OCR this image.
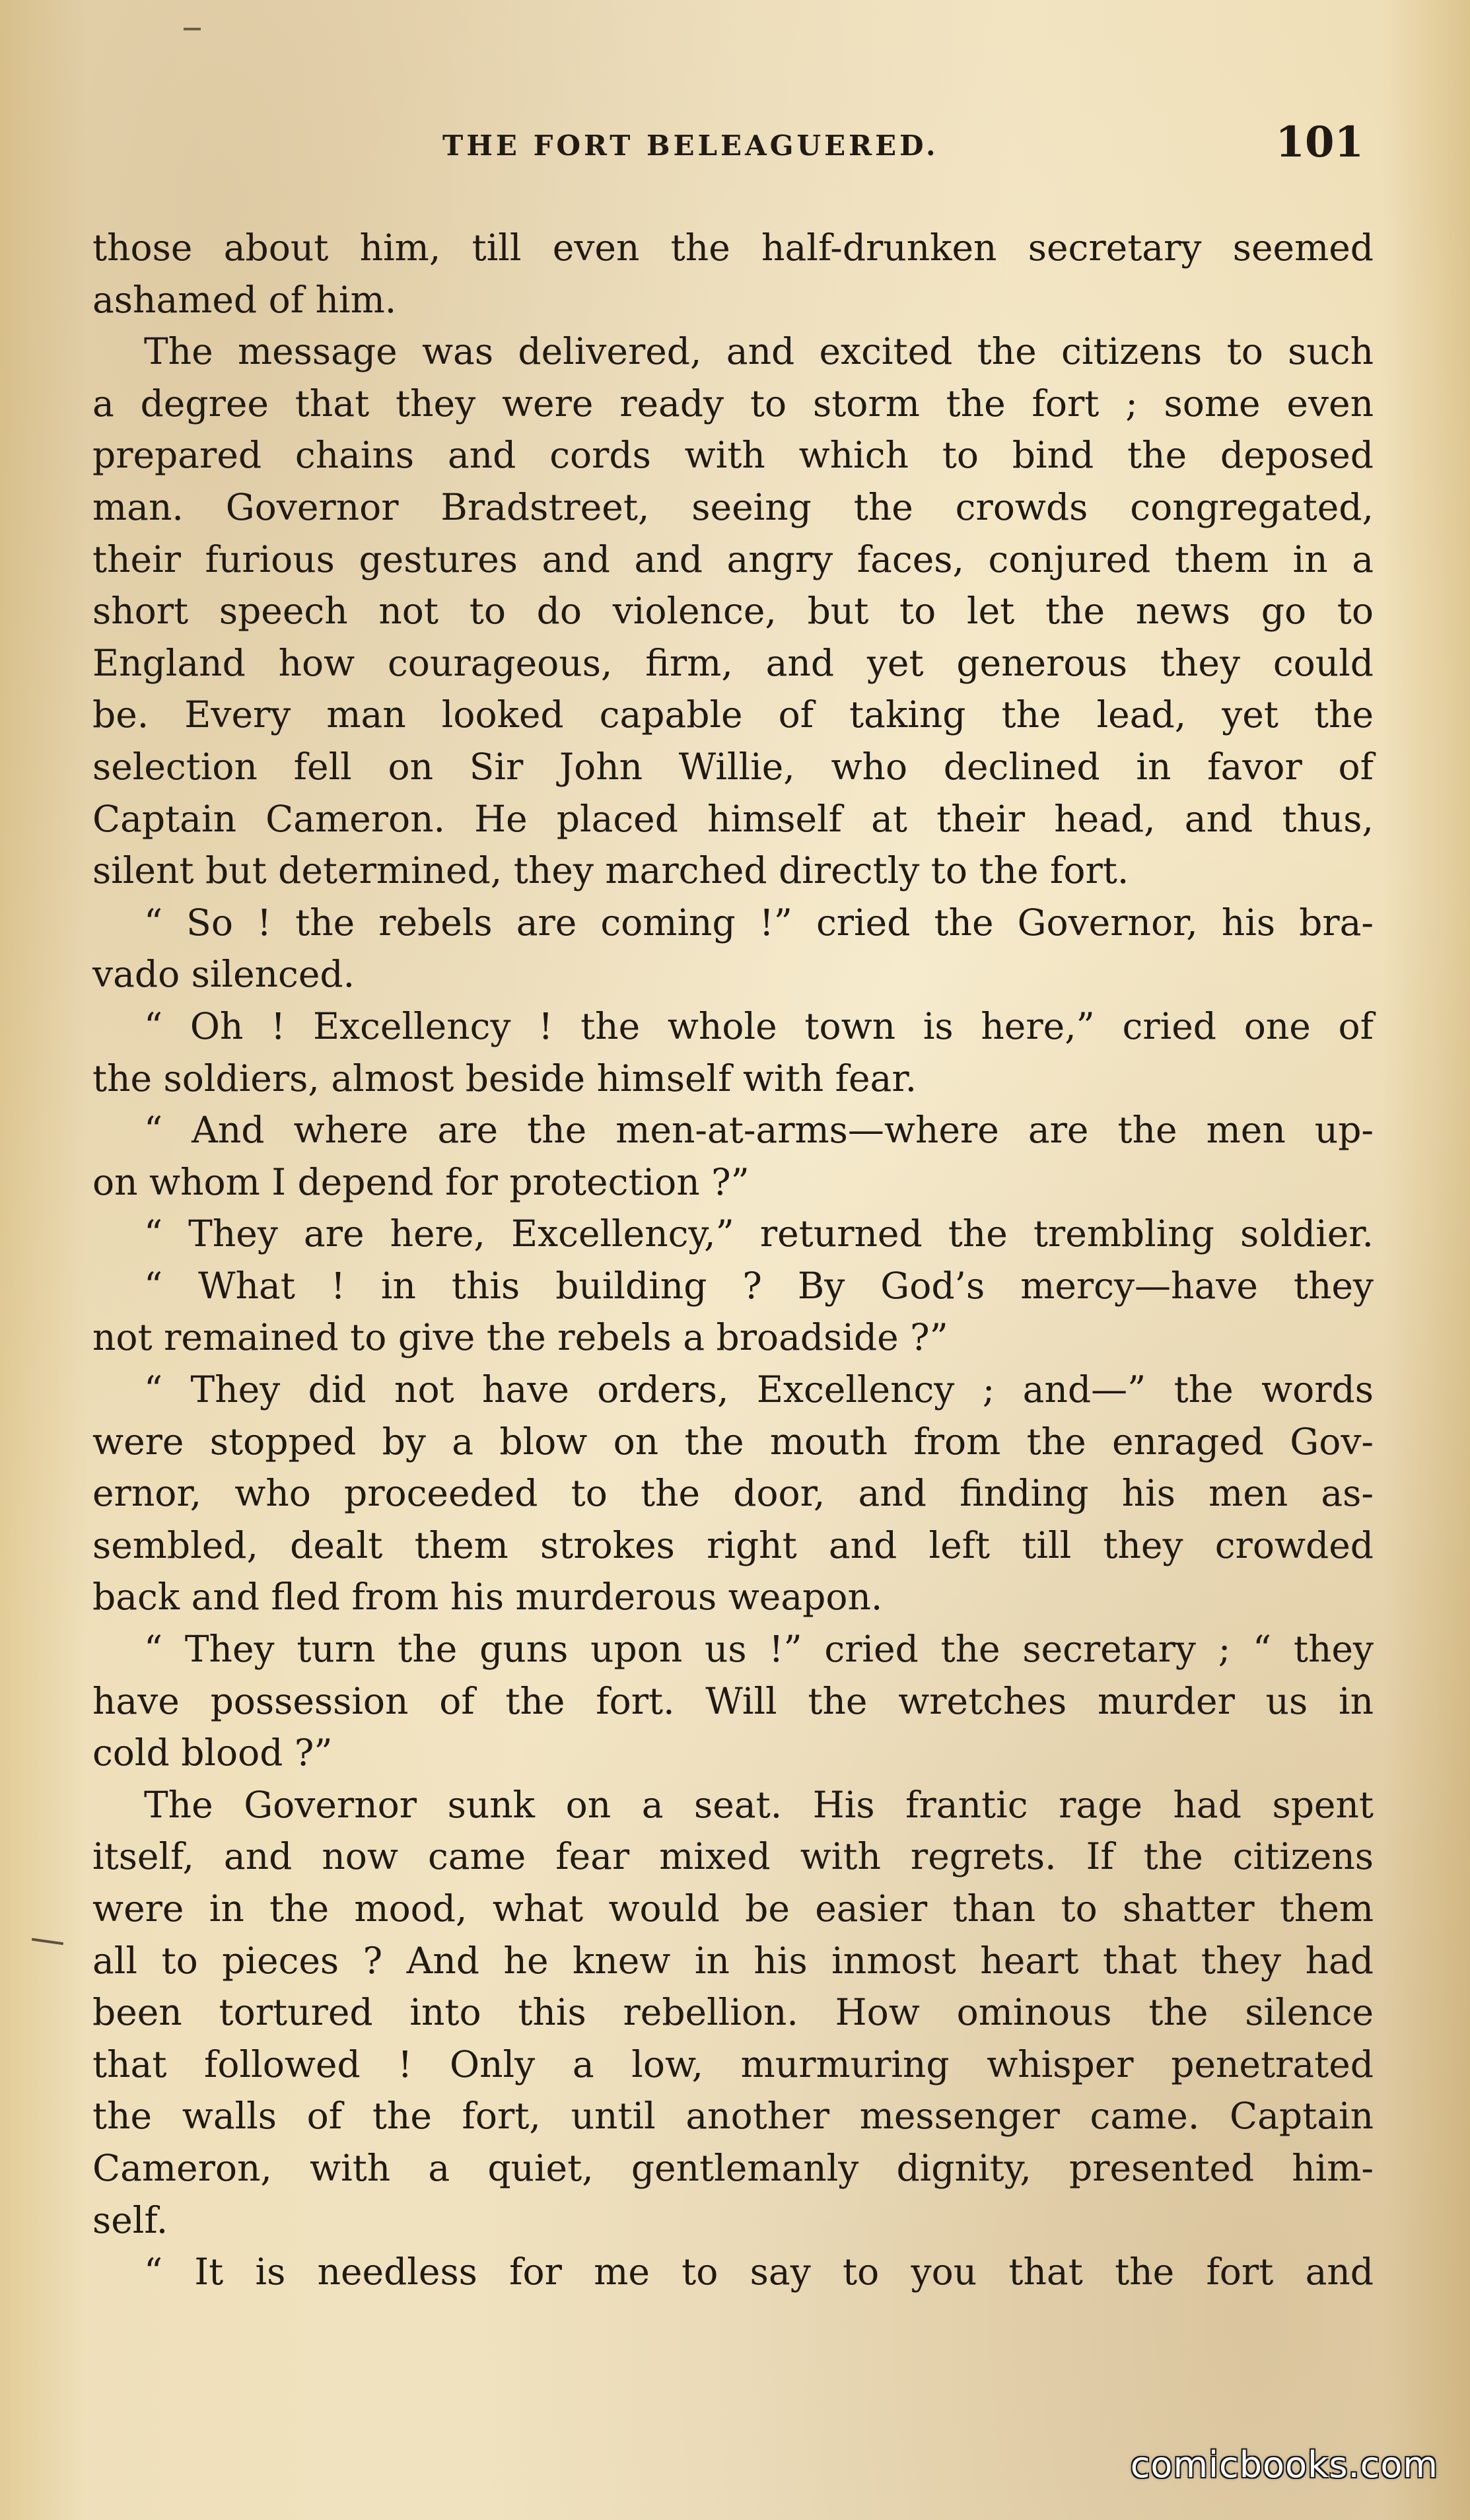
THE FORT BELEAGUERED.	101
those about him, till even the half-drunken secretary seemed
ashamed of him.
The message was delivered, and excited the citizens to such
a degree that they were ready to storm the fort ; some even
prepared chains and cords with which to bind the deposed
man. Governor Bradstreet, seeing the crowds congregated,
their furious gestures and and angry faces, conjured them in a
short speech not to do violence, but to let the news go to
England how courageous, firm, and yet generous they could
be. Every man looked capable of taking the lead, yet the
selection fell on Sir John Willie, who declined in favor of
Captain Cameron. He placed himself at their head, and thus,
silent but determined, they marched directly to the fort.
“ So ! the rebels are coming !” cried the Governor, his bra-
vado silenced.
“ Oh ! Excellency ! the whole town is here,” cried one of
the soldiers, almost beside himself with fear.
“ And where are the men-at-arms—where are the men up-
on whom I depend for protection ?”
“ They are here, Excellency,” returned the trembling soldier.
“ What ! in this building ? By God’s mercy—have they
not remained to give the rebels a broadside ?”
“ They did not have orders, Excellency ; and—” the words
were stopped by a blow on the mouth from the enraged Gov-
ernor, who proceeded to the door, and finding his men as-
sembled, dealt them strokes right and left till they crowded
back and fled from his murderous weapon.
“ They turn the guns upon us !” cried the secretary ; “ they
have possession of the fort. Will the wretches murder us in
cold blood ?”
The Governor sunk on a seat. His frantic rage had spent
itself, and now came fear mixed with regrets. If the citizens
were in the mood, what would be easier than to shatter them
all to pieces ? And he knew in his inmost heart that they had
been tortured into this rebellion. How ominous the silence
that followed ! Only a low, murmuring whisper penetrated
the walls of the fort, until another messenger came. Captain
Cameron, with a quiet, gentlemanly dignity, presented him-
self.
“ It is needless for me to say to you that the fort and
comicbooks.com
